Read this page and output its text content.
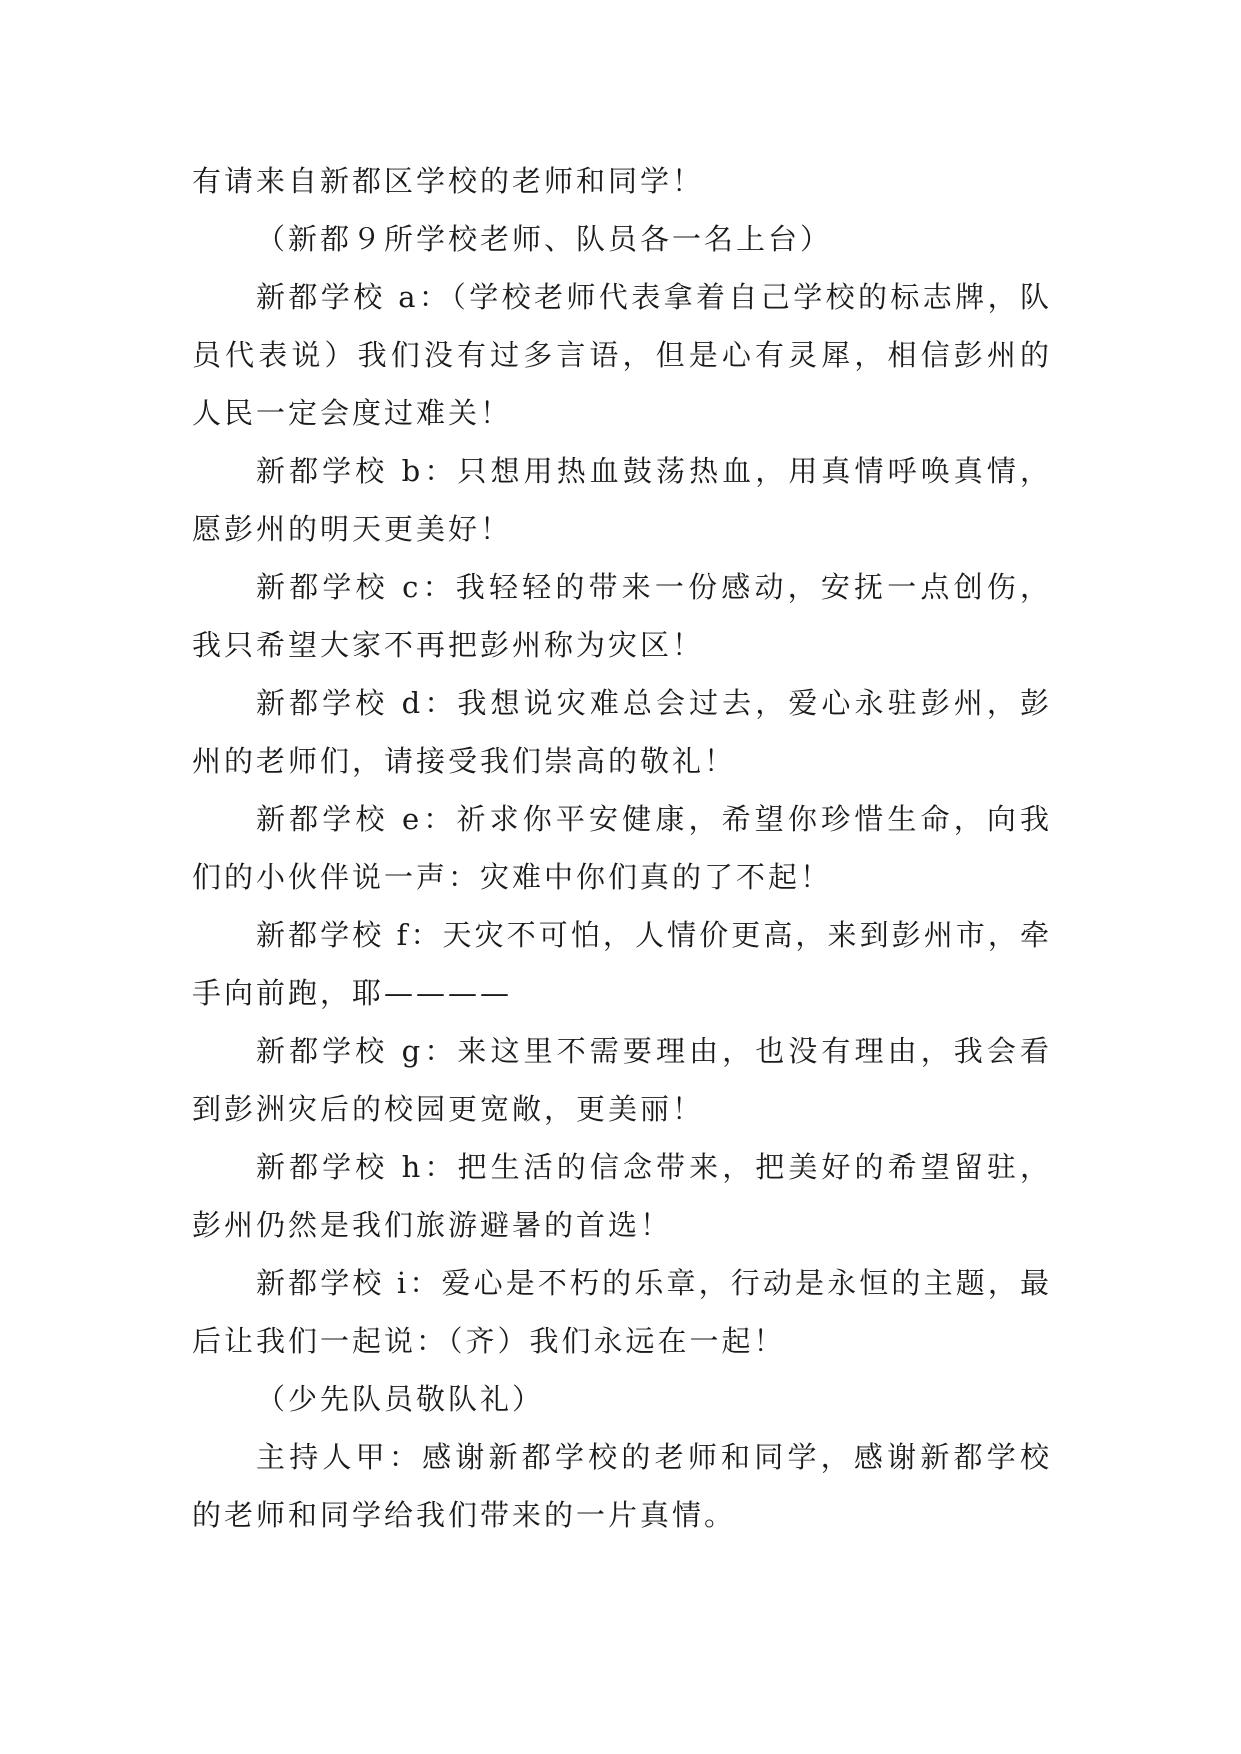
有请来自新都区学校的老师和同学！

（新都９所学校老师、队员各一名上台）

新都学校 a：（学校老师代表拿着自己学校的标志牌，队员代表说）我们没有过多言语，但是心有灵犀，相信彭州的人民一定会度过难关！

新都学校 b：只想用热血鼓荡热血，用真情呼唤真情，愿彭州的明天更美好！

新都学校 c：我轻轻的带来一份感动，安抚一点创伤，我只希望大家不再把彭州称为灾区！

新都学校 d：我想说灾难总会过去，爱心永驻彭州，彭州的老师们，请接受我们崇高的敬礼！

新都学校 e：祈求你平安健康，希望你珍惜生命，向我们的小伙伴说一声：灾难中你们真的了不起！

新都学校 f：天灾不可怕，人情价更高，来到彭州市，牵手向前跑，耶————

新都学校 g：来这里不需要理由，也没有理由，我会看到彭洲灾后的校园更宽敞，更美丽！

新都学校 h：把生活的信念带来，把美好的希望留驻，彭州仍然是我们旅游避暑的首选！

新都学校 i：爱心是不朽的乐章，行动是永恒的主题，最后让我们一起说：（齐）我们永远在一起！

（少先队员敬队礼）

主持人甲：感谢新都学校的老师和同学，感谢新都学校的老师和同学给我们带来的一片真情。
